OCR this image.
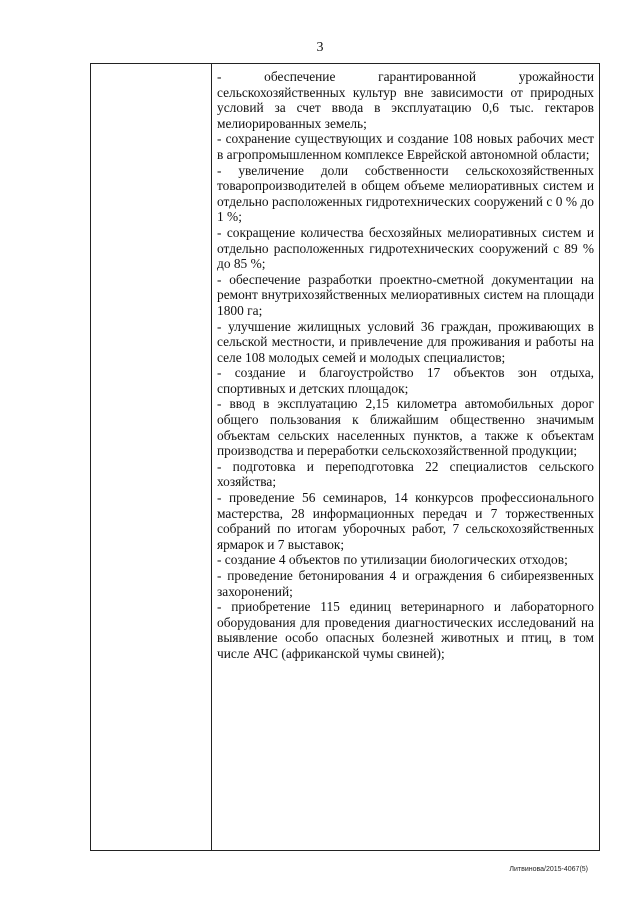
3
- обеспечение гарантированной урожайности сельскохозяйственных культур вне зависимости от природных условий за счет ввода в эксплуатацию 0,6 тыс. гектаров мелиорированных земель;
- сохранение существующих и создание 108 новых рабочих мест в агропромышленном комплексе Еврейской автономной области;
- увеличение доли собственности сельскохозяйственных товаропроизводителей в общем объеме мелиоративных систем и отдельно расположенных гидротехнических сооружений с 0 % до 1 %;
- сокращение количества бесхозяйных мелиоративных систем и отдельно расположенных гидротехнических сооружений с 89 % до 85 %;
- обеспечение разработки проектно-сметной документации на ремонт внутрихозяйственных мелиоративных систем на площади 1800 га;
- улучшение жилищных условий 36 граждан, проживающих в сельской местности, и привлечение для проживания и работы на селе 108 молодых семей и молодых специалистов;
- создание и благоустройство 17 объектов зон отдыха, спортивных и детских площадок;
- ввод в эксплуатацию 2,15 километра автомобильных дорог общего пользования к ближайшим общественно значимым объектам сельских населенных пунктов, а также к объектам производства и переработки сельскохозяйственной продукции;
- подготовка и переподготовка 22 специалистов сельского хозяйства;
- проведение 56 семинаров, 14 конкурсов профессионального мастерства, 28 информационных передач и 7 торжественных собраний по итогам уборочных работ, 7 сельскохозяйственных ярмарок и 7 выставок;
- создание 4 объектов по утилизации биологических отходов;
- проведение бетонирования 4 и ограждения 6 сибиреязвенных захоронений;
- приобретение 115 единиц ветеринарного и лабораторного оборудования для проведения диагностических исследований на выявление особо опасных болезней животных и птиц, в том числе АЧС (африканской чумы свиней);
Литвинова/2015-4067(5)
